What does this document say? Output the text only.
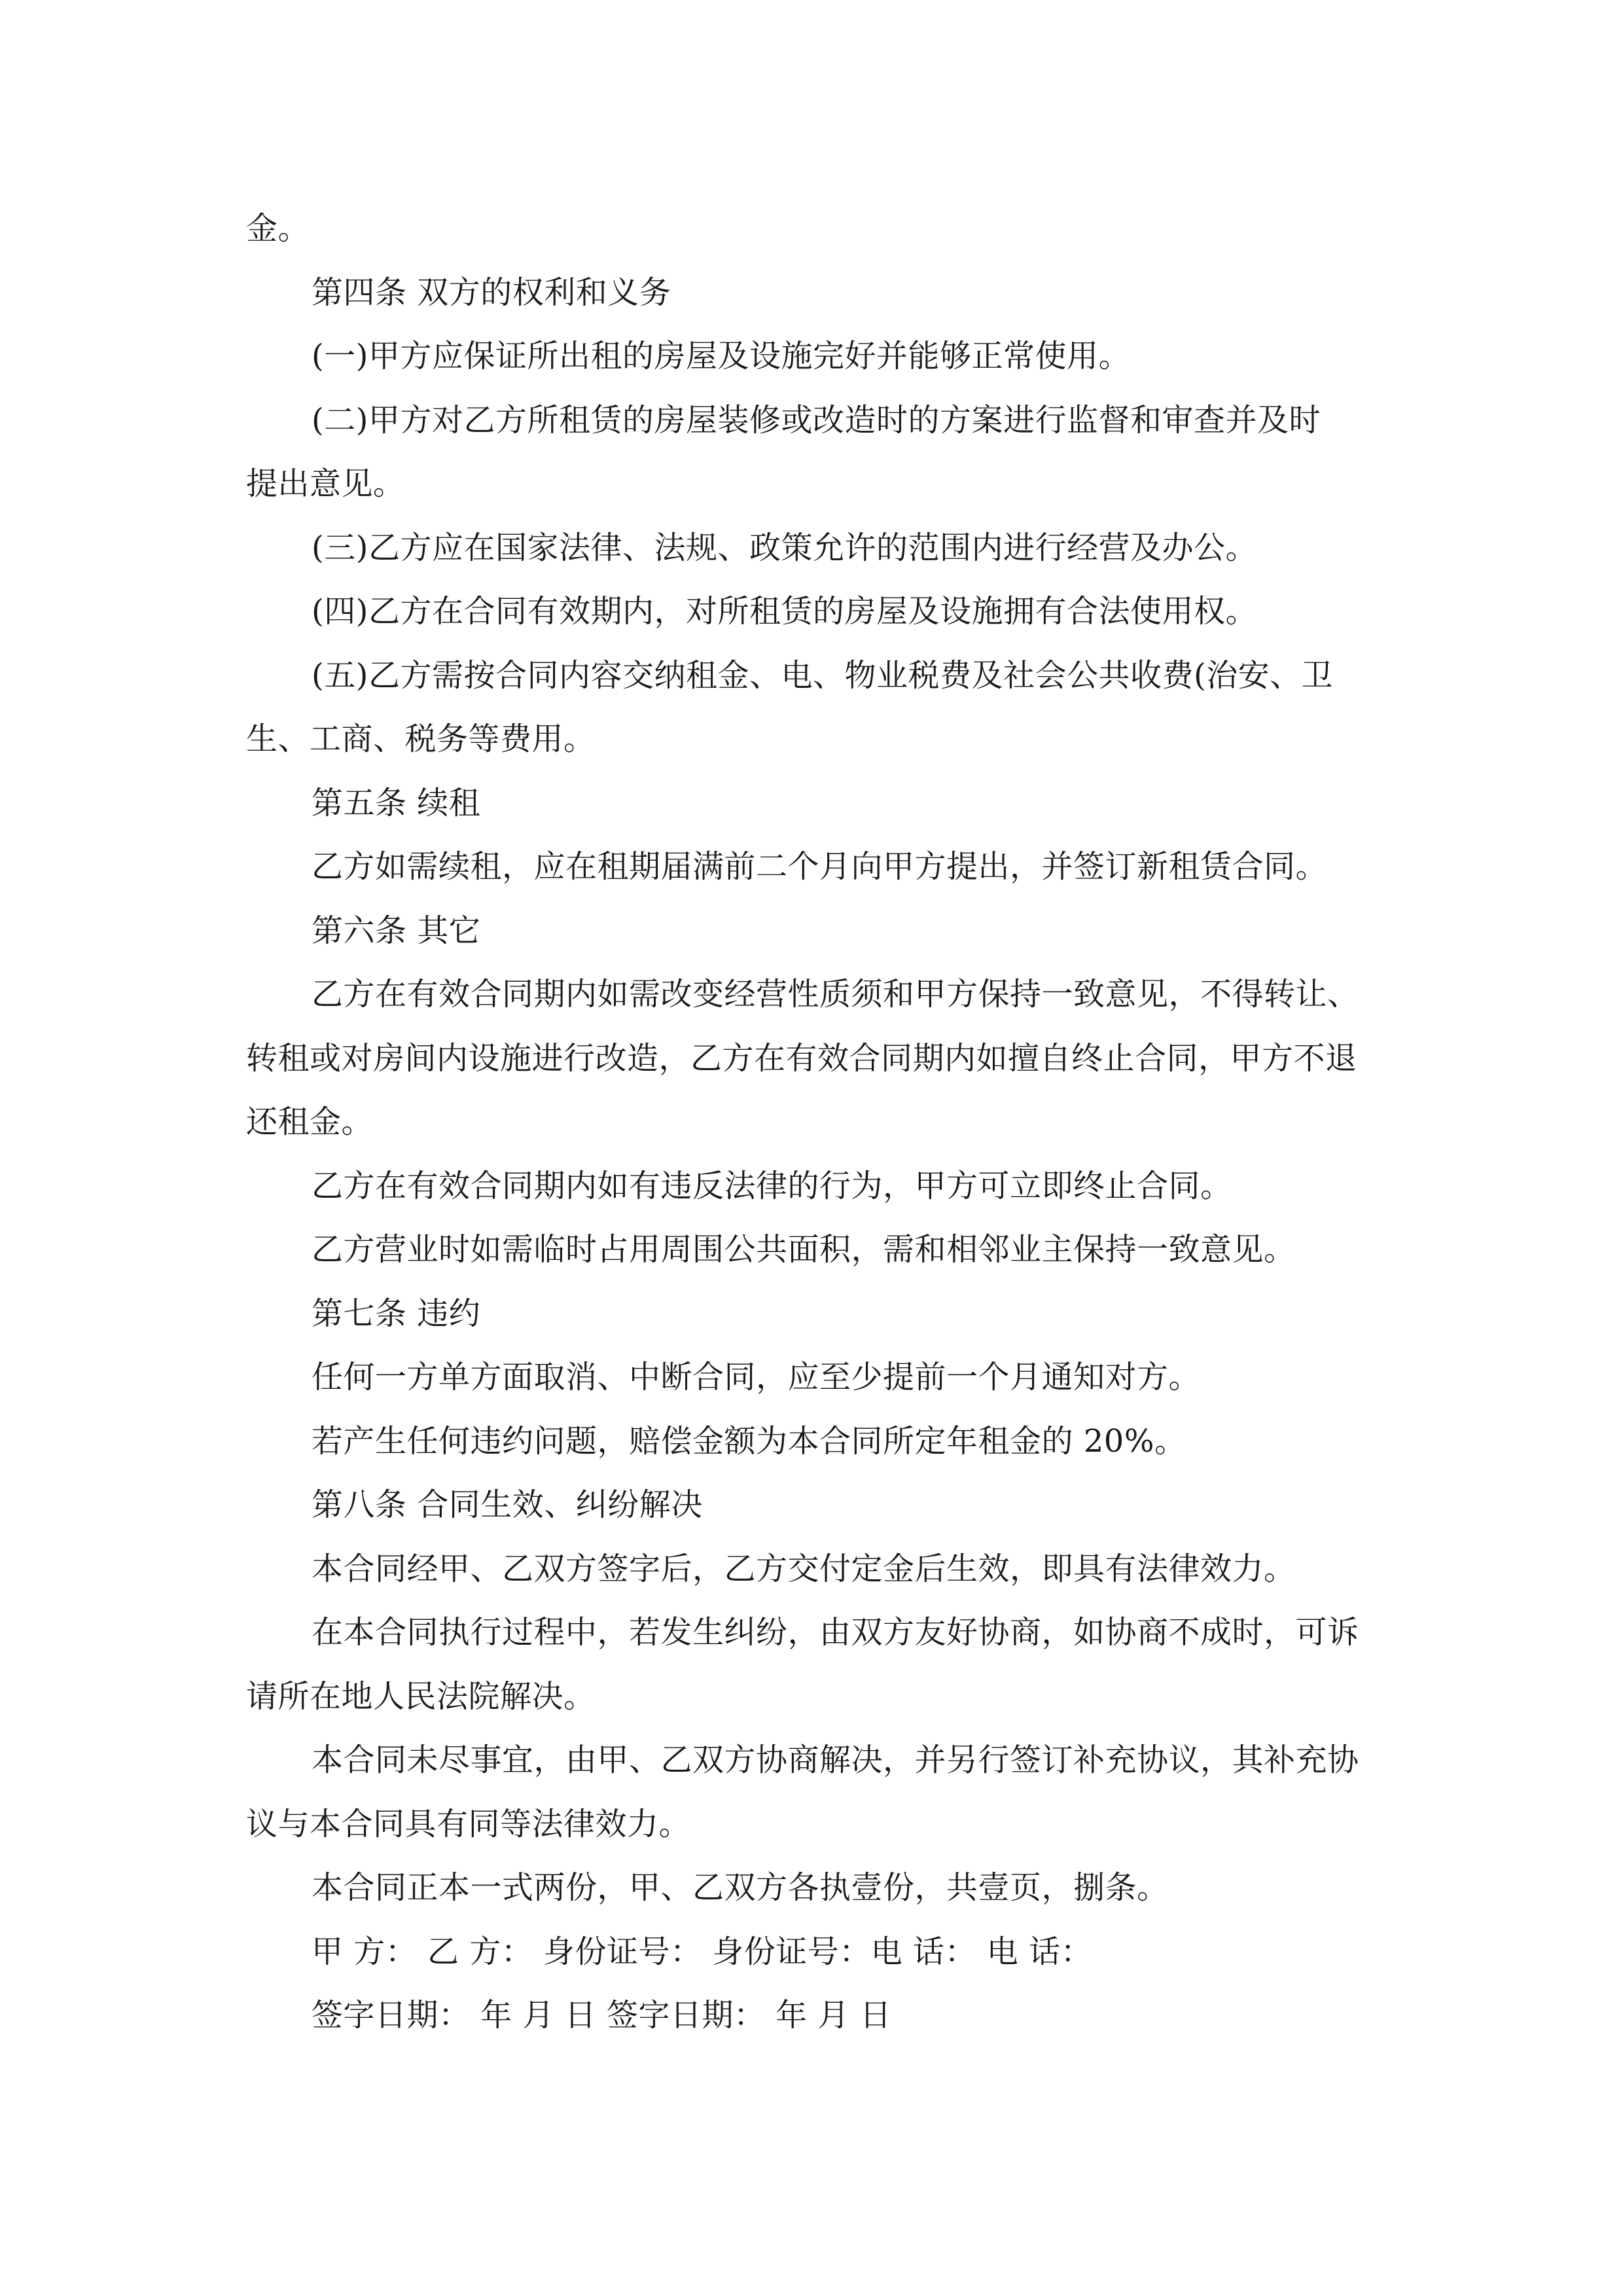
金。
第四条 双方的权利和义务
(一)甲方应保证所出租的房屋及设施完好并能够正常使用。
(二)甲方对乙方所租赁的房屋装修或改造时的方案进行监督和审查并及时
提出意见。
(三)乙方应在国家法律、法规、政策允许的范围内进行经营及办公。
(四)乙方在合同有效期内，对所租赁的房屋及设施拥有合法使用权。
(五)乙方需按合同内容交纳租金、电、物业税费及社会公共收费(治安、卫
生、工商、税务等费用。
第五条 续租
乙方如需续租，应在租期届满前二个月向甲方提出，并签订新租赁合同。
第六条 其它
乙方在有效合同期内如需改变经营性质须和甲方保持一致意见，不得转让、
转租或对房间内设施进行改造，乙方在有效合同期内如擅自终止合同，甲方不退
还租金。
乙方在有效合同期内如有违反法律的行为，甲方可立即终止合同。
乙方营业时如需临时占用周围公共面积，需和相邻业主保持一致意见。
第七条 违约
任何一方单方面取消、中断合同，应至少提前一个月通知对方。
若产生任何违约问题，赔偿金额为本合同所定年租金的 20%。
第八条 合同生效、纠纷解决
本合同经甲、乙双方签字后，乙方交付定金后生效，即具有法律效力。
在本合同执行过程中，若发生纠纷，由双方友好协商，如协商不成时，可诉
请所在地人民法院解决。
本合同未尽事宜，由甲、乙双方协商解决，并另行签订补充协议，其补充协
议与本合同具有同等法律效力。
本合同正本一式两份，甲、乙双方各执壹份，共壹页，捌条。
甲 方： 乙 方： 身份证号： 身份证号：电 话： 电 话：
签字日期： 年 月 日 签字日期： 年 月 日
